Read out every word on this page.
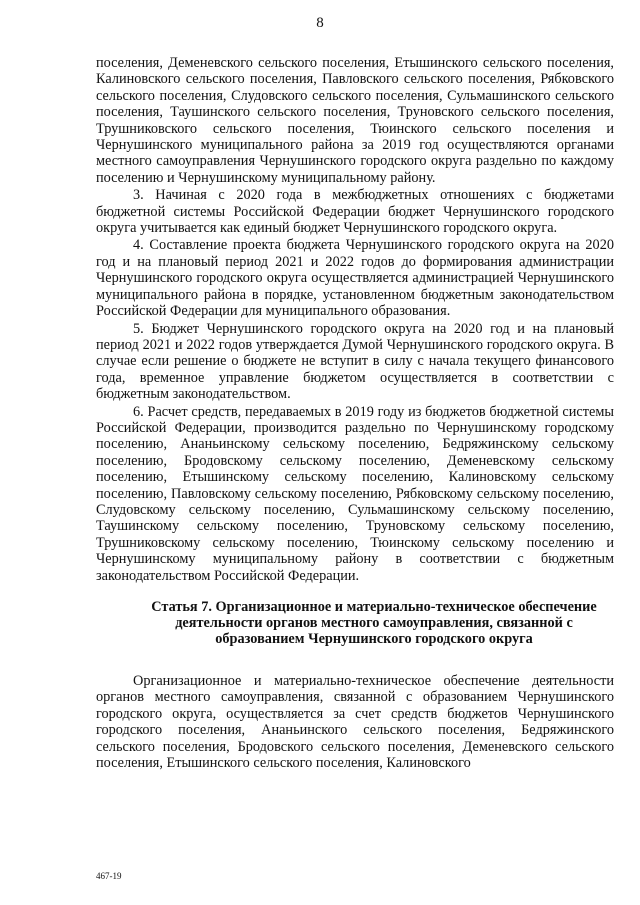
8

поселения, Деменевского сельского поселения, Етышинского сельского поселения, Калиновского сельского поселения, Павловского сельского поселения, Рябковского сельского поселения, Слудовского сельского поселения, Сульмашинского сельского поселения, Таушинского сельского поселения, Труновского сельского поселения, Трушниковского сельского поселения, Тюинского сельского поселения и Чернушинского муниципального района за 2019 год осуществляются органами местного самоуправления Чернушинского городского округа раздельно по каждому поселению и Чернушинскому муниципальному району.

3. Начиная с 2020 года в межбюджетных отношениях с бюджетами бюджетной системы Российской Федерации бюджет Чернушинского городского округа учитывается как единый бюджет Чернушинского городского округа.

4. Составление проекта бюджета Чернушинского городского округа на 2020 год и на плановый период 2021 и 2022 годов до формирования администрации Чернушинского городского округа осуществляется администрацией Чернушинского муниципального района в порядке, установленном бюджетным законодательством Российской Федерации для муниципального образования.

5. Бюджет Чернушинского городского округа на 2020 год и на плановый период 2021 и 2022 годов утверждается Думой Чернушинского городского округа. В случае если решение о бюджете не вступит в силу с начала текущего финансового года, временное управление бюджетом осуществляется в соответствии с бюджетным законодательством.

6. Расчет средств, передаваемых в 2019 году из бюджетов бюджетной системы Российской Федерации, производится раздельно по Чернушинскому городскому поселению, Ананьинскому сельскому поселению, Бедряжинскому сельскому поселению, Бродовскому сельскому поселению, Деменевскому сельскому поселению, Етышинскому сельскому поселению, Калиновскому сельскому поселению, Павловскому сельскому поселению, Рябковскому сельскому поселению, Слудовскому сельскому поселению, Сульмашинскому сельскому поселению, Таушинскому сельскому поселению, Труновскому сельскому поселению, Трушниковскому сельскому поселению, Тюинскому сельскому поселению и Чернушинскому муниципальному району в соответствии с бюджетным законодательством Российской Федерации.

Статья 7. Организационное и материально-техническое обеспечение деятельности органов местного самоуправления, связанной с образованием Чернушинского городского округа

Организационное и материально-техническое обеспечение деятельности органов местного самоуправления, связанной с образованием Чернушинского городского округа, осуществляется за счет средств бюджетов Чернушинского городского поселения, Ананьинского сельского поселения, Бедряжинского сельского поселения, Бродовского сельского поселения, Деменевского сельского поселения, Етышинского сельского поселения, Калиновского

467-19
